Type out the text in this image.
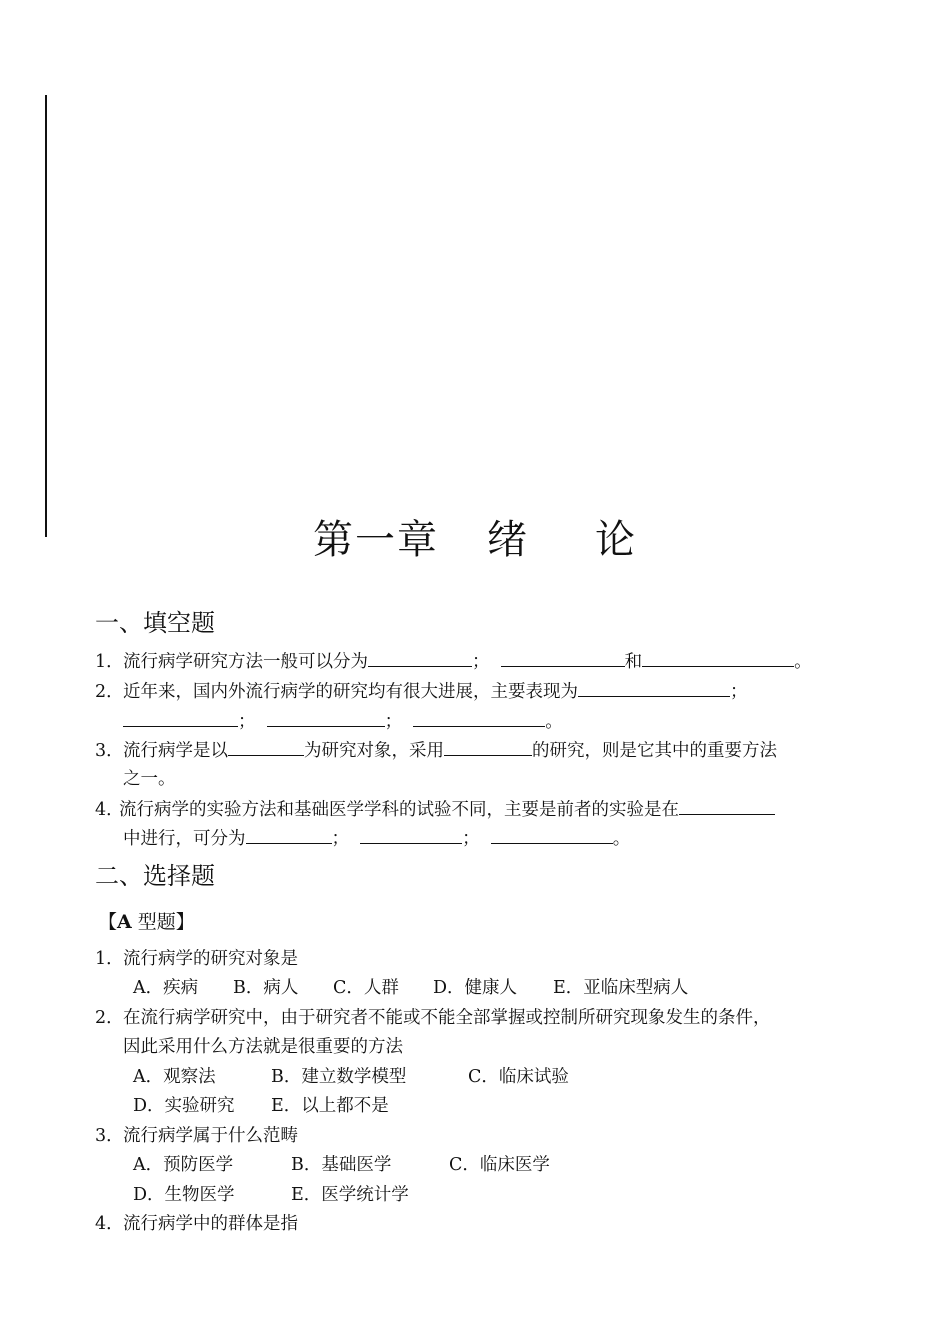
第一章 绪 论
一、填空题
1．流行病学研究方法一般可以分为	；	和	。
2．近年来，国内外流行病学的研究均有很大进展，主要表现为	；
；	；	。
3．流行病学是以	为研究对象，采用	的研究，则是它其中的重要方法
之一。
4．流行病学的实验方法和基础医学学科的试验不同，主要是前者的实验是在
中进行，可分为	；	；	。
二、选择题
【A 型题】
1．流行病学的研究对象是
A．疾病 B．病人 C．人群 D．健康人 E．亚临床型病人
2．在流行病学研究中，由于研究者不能或不能全部掌握或控制所研究现象发生的条件，
因此采用什么方法就是很重要的方法
A．观察法	B．建立数学模型	C．临床试验
D．实验研究 E．以上都不是
3．流行病学属于什么范畴
A．预防医学	B．基础医学	C．临床医学
D．生物医学	E．医学统计学
4．流行病学中的群体是指
